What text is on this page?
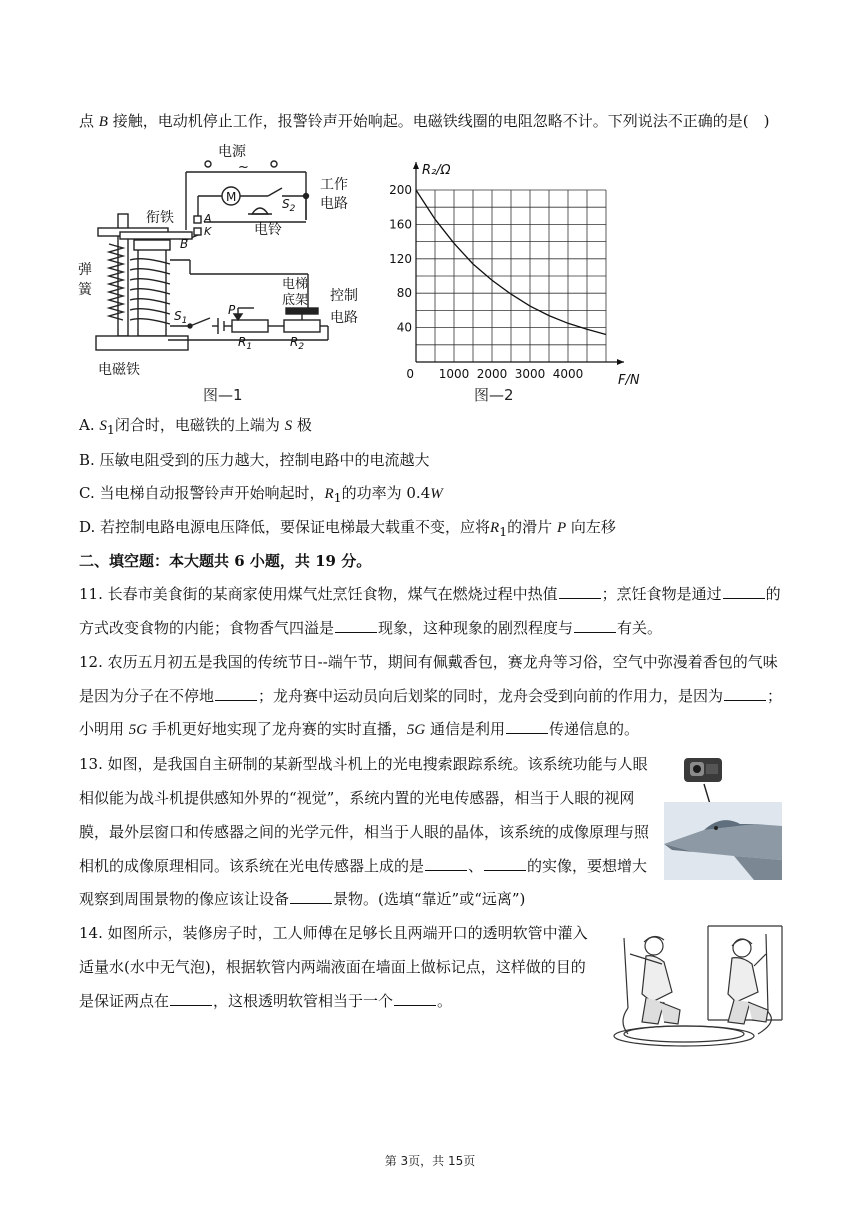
点 B 接触，电动机停止工作，报警铃声开始响起。电磁铁线圈的电阻忽略不计。下列说法不正确的是(　)
电源
~
M
工作
电路
衔铁	A
K
B
电铃
$S_2$
弹
簧	电梯
底架 控制
电路
$S_1$
P
$R_1$	$R_2$
电磁铁
图—1
40
80
120
160
200
0 1000 2000 3000 4000
R₂/Ω
F/N
图—2
A. $S_1$闭合时，电磁铁的上端为 S 极
B. 压敏电阻受到的压力越大，控制电路中的电流越大
C. 当电梯自动报警铃声开始响起时，$R_1$的功率为 0.4W
D. 若控制电路电源电压降低，要保证电梯最大载重不变，应将$R_1$的滑片 P 向左移
二、填空题：本大题共 6 小题，共 19 分。
11. 长春市美食街的某商家使用煤气灶烹饪食物，煤气在燃烧过程中热值	；烹饪食物是通过	的
方式改变食物的内能；食物香气四溢是	现象，这种现象的剧烈程度与	有关。
12. 农历五月初五是我国的传统节日--端午节，期间有佩戴香包，赛龙舟等习俗，空气中弥漫着香包的气味
是因为分子在不停地	；龙舟赛中运动员向后划桨的同时，龙舟会受到向前的作用力，是因为	；
小明用 5G 手机更好地实现了龙舟赛的实时直播，5G 通信是利用	传递信息的。
13. 如图，是我国自主研制的某新型战斗机上的光电搜索跟踪系统。该系统功能与人眼
相似能为战斗机提供感知外界的“视觉”，系统内置的光电传感器，相当于人眼的视网
膜，最外层窗口和传感器之间的光学元件，相当于人眼的晶体，该系统的成像原理与照
相机的成像原理相同。该系统在光电传感器上成的是	、	的实像，要想增大
观察到周围景物的像应该让设备	景物。(选填“靠近”或“远离”)
14. 如图所示，装修房子时，工人师傅在足够长且两端开口的透明软管中灌入
适量水(水中无气泡)，根据软管内两端液面在墙面上做标记点，这样做的目的
是保证两点在	，这根透明软管相当于一个	。
第 3页，共 15页
